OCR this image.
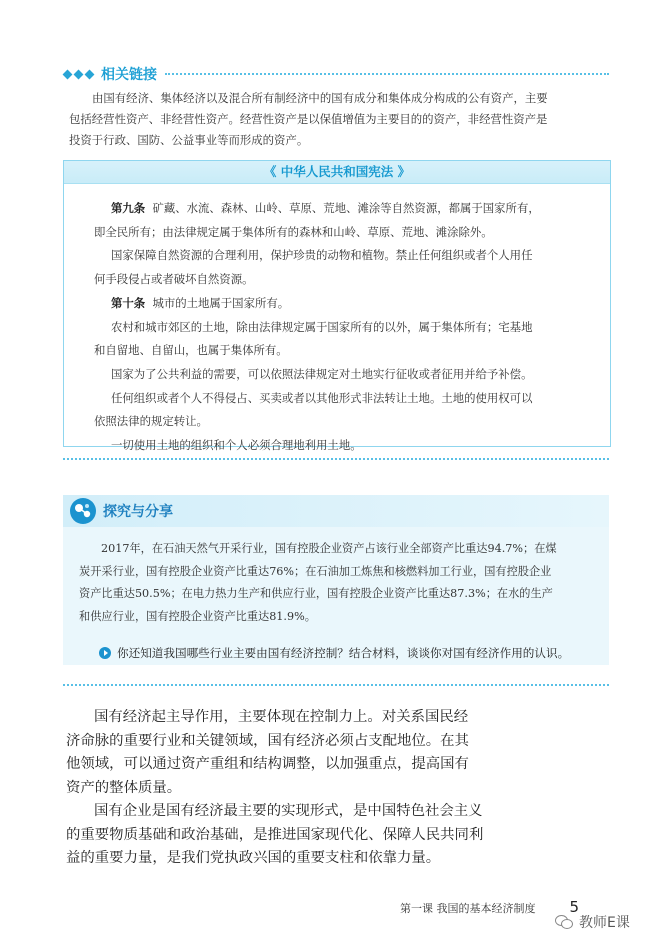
相关链接
由国有经济、集体经济以及混合所有制经济中的国有成分和集体成分构成的公有资产，主要
包括经营性资产、非经营性资产。经营性资产是以保值增值为主要目的的资产，非经营性资产是
投资于行政、国防、公益事业等而形成的资产。
《 中华人民共和国宪法 》
第九条 矿藏、水流、森林、山岭、草原、荒地、滩涂等自然资源，都属于国家所有，
即全民所有；由法律规定属于集体所有的森林和山岭、草原、荒地、滩涂除外。
国家保障自然资源的合理利用，保护珍贵的动物和植物。禁止任何组织或者个人用任
何手段侵占或者破坏自然资源。
第十条 城市的土地属于国家所有。
农村和城市郊区的土地，除由法律规定属于国家所有的以外，属于集体所有；宅基地
和自留地、自留山，也属于集体所有。
国家为了公共利益的需要，可以依照法律规定对土地实行征收或者征用并给予补偿。
任何组织或者个人不得侵占、买卖或者以其他形式非法转让土地。土地的使用权可以
依照法律的规定转让。
一切使用土地的组织和个人必须合理地利用土地。
探究与分享
2017年，在石油天然气开采行业，国有控股企业资产占该行业全部资产比重达94.7%；在煤
炭开采行业，国有控股企业资产比重达76%；在石油加工炼焦和核燃料加工行业，国有控股企业
资产比重达50.5%；在电力热力生产和供应行业，国有控股企业资产比重达87.3%；在水的生产
和供应行业，国有控股企业资产比重达81.9%。
你还知道我国哪些行业主要由国有经济控制？结合材料，谈谈你对国有经济作用的认识。
国有经济起主导作用，主要体现在控制力上。对关系国民经
济命脉的重要行业和关键领域，国有经济必须占支配地位。在其
他领域，可以通过资产重组和结构调整，以加强重点，提高国有
资产的整体质量。
国有企业是国有经济最主要的实现形式，是中国特色社会主义
的重要物质基础和政治基础，是推进国家现代化、保障人民共同利
益的重要力量，是我们党执政兴国的重要支柱和依靠力量。
第一课 我国的基本经济制度 5
教师E课
